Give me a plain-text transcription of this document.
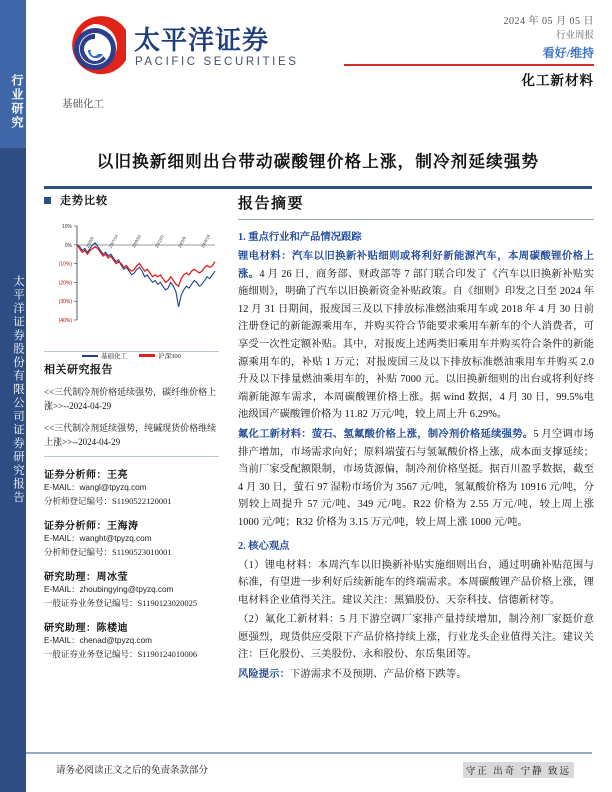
行业研究
太平洋证券股份有限公司证券研究报告
太平洋证券
PACIFIC SECURITIES
基础化工
2024 年 05 月 05 日
行业周报
看好/维持
化工新材料
以旧换新细则出台带动碳酸锂价格上涨，制冷剂延续强势
走势比较
10%
0%
(10%)
(20%)
(30%)
(40%)
23/5/5	23/7/14	23/9/22	23/12/1	24/2/9	24/4/19
基础化工	沪深300
相关研究报告
<<三代制冷剂价格延续强势，碳纤维价格上涨>>--2024-04-29
<<三代制冷剂延续强势，纯碱现货价格维续上涨>>--2024-04-29
证券分析师：王亮
E-MAIL：wangl@tpyzq.com
分析师登记编号：S1190522120001
证券分析师：王海涛
E-MAIL：wanght@tpyzq.com
分析师登记编号：S1190523010001
研究助理：周冰莹
E-MAIL：zhoubingying@tpyzq.com
一般证券业务登记编号：S1190123020025
研究助理：陈楼迪
E-MAIL：chenad@tpyzq.com
一般证券业务登记编号：S1190124010006
报告摘要
1. 重点行业和产品情况跟踪

锂电材料：汽车以旧换新补贴细则或将利好新能源汽车，本周碳酸锂价格上涨。4 月 26 日，商务部、财政部等 7 部门联合印发了《汽车以旧换新补贴实施细则》，明确了汽车以旧换新资金补贴政策。自《细则》印发之日至 2024 年 12 月 31 日期间，报废国三及以下排放标准燃油乘用车或 2018 年 4 月 30 日前注册登记的新能源乘用车，并购买符合节能要求乘用车新车的个人消费者，可享受一次性定额补贴。其中，对报废上述两类旧乘用车并购买符合条件的新能源乘用车的，补贴 1 万元；对报废国三及以下排放标准燃油乘用车并购买 2.0 升及以下排量燃油乘用车的，补贴 7000 元。以旧换新细则的出台或将利好终端新能源车需求，本周碳酸锂价格上涨。据 wind 数据，4 月 30 日，99.5%电池级国产碳酸锂价格为 11.82 万元/吨，较上周上升 6.29%。

氟化工新材料：萤石、氢氟酸价格上涨，制冷剂价格延续强势。5 月空调市场排产增加，市场需求向好；原料端萤石与氢氟酸价格上涨，成本面支撑延续；当前厂家受配额限制，市场货源偏，制冷剂价格坚挺。据百川盈孚数据，截至 4 月 30 日，萤石 97 湿粉市场价为 3567 元/吨，氢氟酸价格为 10916 元/吨，分别较上周提升 57 元/吨、349 元/吨。R22 价格为 2.55 万元/吨，较上周上涨 1000 元/吨；R32 价格为 3.15 万元/吨，较上周上涨 1000 元/吨。

2. 核心观点

（1）锂电材料：本周汽车以旧换新补贴实施细则出台，通过明确补贴范围与标准，有望进一步利好后续新能车的终端需求。本周碳酸锂产品价格上涨，锂电材料企业值得关注。建议关注：黑猫股份、天奈科技、信德新材等。

（2）氟化工新材料：5 月下游空调厂家排产量持续增加，制冷剂厂家挺价意愿强烈，现货供应受限下产品价格持续上涨，行业龙头企业值得关注。建议关注：巨化股份、三美股份、永和股份、东岳集团等。

风险提示：下游需求不及预期、产品价格下跌等。

请务必阅读正文之后的免责条款部分	守正 出奇 宁静 致远
